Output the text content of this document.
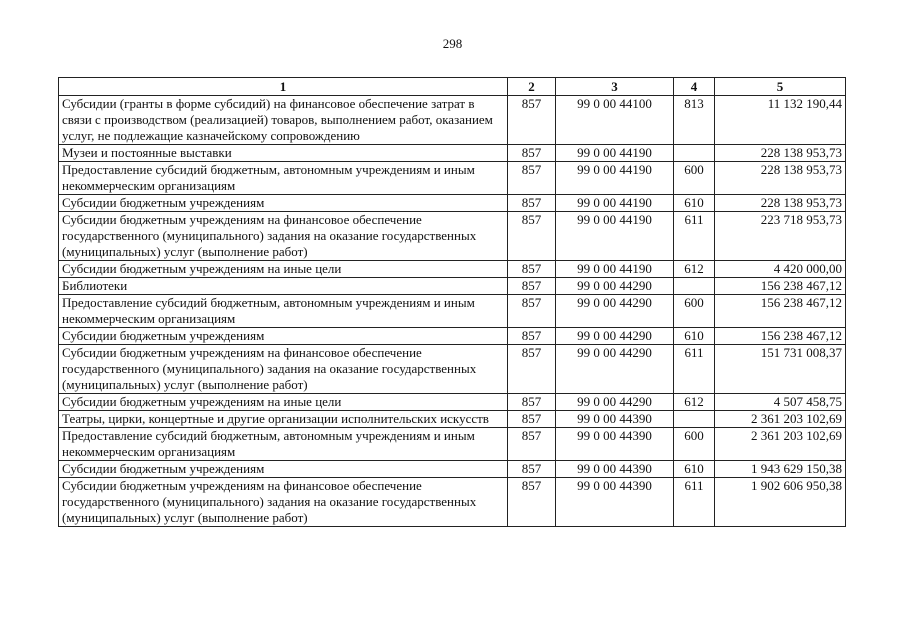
298
1	2	3	4	5
Субсидии (гранты в форме субсидий) на финансовое обеспечение затрат в связи с производством (реализацией) товаров, выполнением работ, оказанием услуг, не подлежащие казначейскому сопровождению	857	99 0 00 44100	813	11 132 190,44
Музеи и постоянные выставки	857	99 0 00 44190		228 138 953,73
Предоставление субсидий бюджетным, автономным учреждениям и иным некоммерческим организациям	857	99 0 00 44190	600	228 138 953,73
Субсидии бюджетным учреждениям	857	99 0 00 44190	610	228 138 953,73
Субсидии бюджетным учреждениям на финансовое обеспечение государственного (муниципального) задания на оказание государственных (муниципальных) услуг (выполнение работ)	857	99 0 00 44190	611	223 718 953,73
Субсидии бюджетным учреждениям на иные цели	857	99 0 00 44190	612	4 420 000,00
Библиотеки	857	99 0 00 44290		156 238 467,12
Предоставление субсидий бюджетным, автономным учреждениям и иным некоммерческим организациям	857	99 0 00 44290	600	156 238 467,12
Субсидии бюджетным учреждениям	857	99 0 00 44290	610	156 238 467,12
Субсидии бюджетным учреждениям на финансовое обеспечение государственного (муниципального) задания на оказание государственных (муниципальных) услуг (выполнение работ)	857	99 0 00 44290	611	151 731 008,37
Субсидии бюджетным учреждениям на иные цели	857	99 0 00 44290	612	4 507 458,75
Театры, цирки, концертные и другие организации исполнительских искусств	857	99 0 00 44390		2 361 203 102,69
Предоставление субсидий бюджетным, автономным учреждениям и иным некоммерческим организациям	857	99 0 00 44390	600	2 361 203 102,69
Субсидии бюджетным учреждениям	857	99 0 00 44390	610	1 943 629 150,38
Субсидии бюджетным учреждениям на финансовое обеспечение государственного (муниципального) задания на оказание государственных (муниципальных) услуг (выполнение работ)	857	99 0 00 44390	611	1 902 606 950,38
